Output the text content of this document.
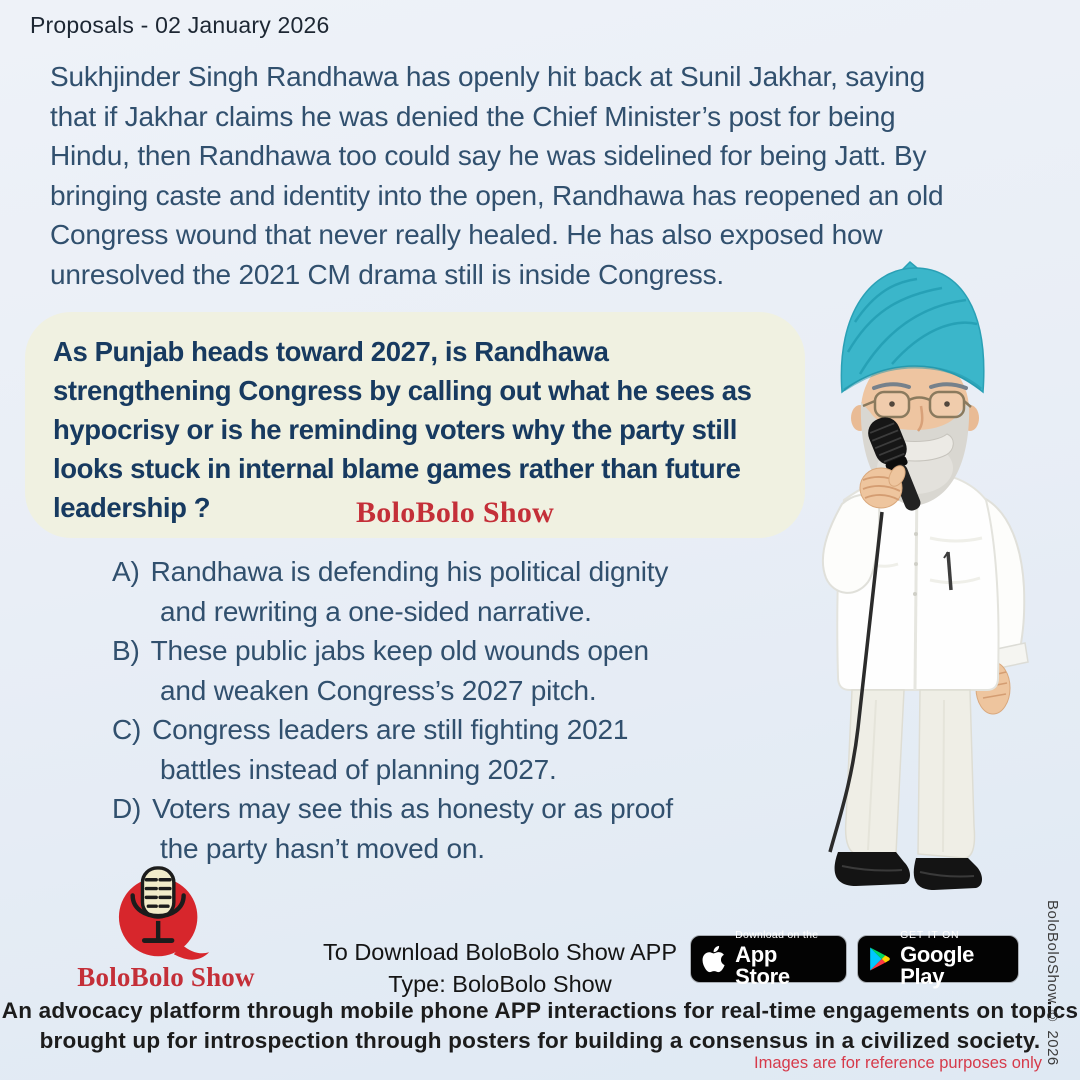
Proposals - 02 January 2026
Sukhjinder Singh Randhawa has openly hit back at Sunil Jakhar, saying
that if Jakhar claims he was denied the Chief Minister’s post for being
Hindu, then Randhawa too could say he was sidelined for being Jatt. By
bringing caste and identity into the open, Randhawa has reopened an old
Congress wound that never really healed. He has also exposed how
unresolved the 2021 CM drama still is inside Congress.
As Punjab heads toward 2027, is Randhawa
strengthening Congress by calling out what he sees as
hypocrisy or is he reminding voters why the party still
looks stuck in internal blame games rather than future
leadership ?	BoloBolo Show
A) Randhawa is defending his political dignity
and rewriting a one-sided narrative.
B) These public jabs keep old wounds open
and weaken Congress’s 2027 pitch.
C) Congress leaders are still fighting 2021
battles instead of planning 2027.
D) Voters may see this as honesty or as proof
the party hasn’t moved on.
BoloBolo Show
To Download BoloBolo Show APP
Type: BoloBolo Show
Download on the
App Store
GET IT ON
Google Play
An advocacy platform through mobile phone APP interactions for real-time engagements on topics
brought up for introspection through posters for building a consensus in a civilized society.
Images are for reference purposes only BoloBoloShow © 2026
